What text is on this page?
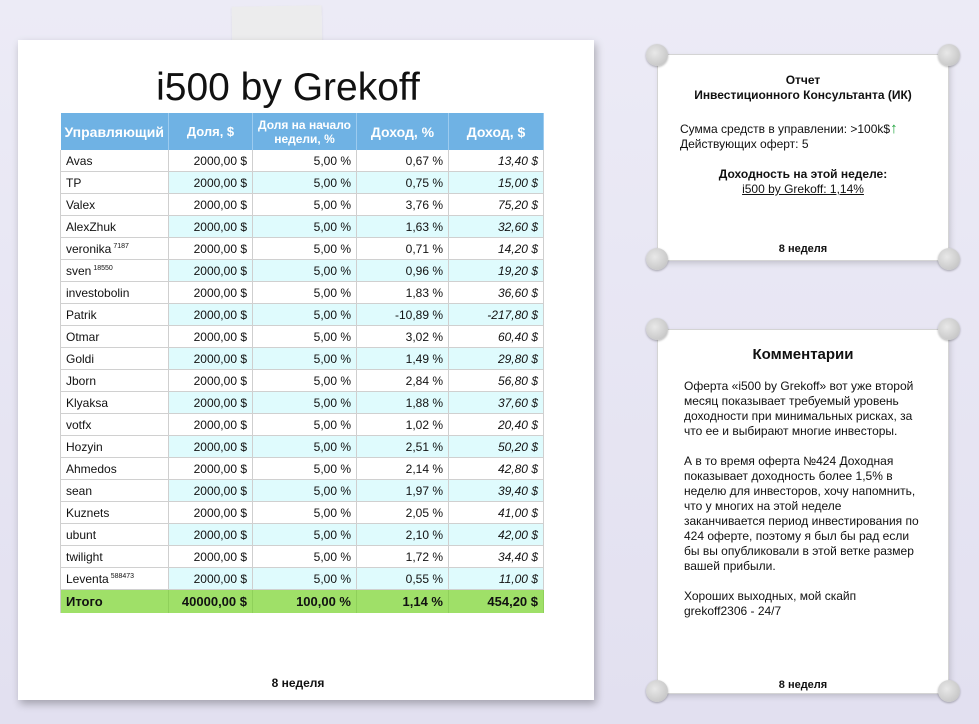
i500 by Grekoff
Управляющий	Доля, $	Доля на начало недели, %	Доход, %	Доход, $
Avas	2000,00 $	5,00 %	0,67 %	13,40 $
TP	2000,00 $	5,00 %	0,75 %	15,00 $
Valex	2000,00 $	5,00 %	3,76 %	75,20 $
AlexZhuk	2000,00 $	5,00 %	1,63 %	32,60 $
veronika $^{7187}$	2000,00 $	5,00 %	0,71 %	14,20 $
sven $^{18550}$	2000,00 $	5,00 %	0,96 %	19,20 $
investobolin	2000,00 $	5,00 %	1,83 %	36,60 $
Patrik	2000,00 $	5,00 %	-10,89 %	-217,80 $
Otmar	2000,00 $	5,00 %	3,02 %	60,40 $
Goldi	2000,00 $	5,00 %	1,49 %	29,80 $
Jborn	2000,00 $	5,00 %	2,84 %	56,80 $
Klyaksa	2000,00 $	5,00 %	1,88 %	37,60 $
votfx	2000,00 $	5,00 %	1,02 %	20,40 $
Hozyin	2000,00 $	5,00 %	2,51 %	50,20 $
Ahmedos	2000,00 $	5,00 %	2,14 %	42,80 $
sean	2000,00 $	5,00 %	1,97 %	39,40 $
Kuznets	2000,00 $	5,00 %	2,05 %	41,00 $
ubunt	2000,00 $	5,00 %	2,10 %	42,00 $
twilight	2000,00 $	5,00 %	1,72 %	34,40 $
Leventa $^{588473}$	2000,00 $	5,00 %	0,55 %	11,00 $
Итого	40000,00 $	100,00 %	1,14 %	454,20 $
8 неделя
Отчет
Инвестиционного Консультанта (ИК)
Сумма средств в управлении: >100k$↑
Действующих оферт: 5
Доходность на этой неделе:
i500 by Grekoff: 1,14%
8 неделя
Комментарии

Оферта «i500 by Grekoff» вот уже второй месяц показывает требуемый уровень доходности при минимальных рисках, за что ее и выбирают многие инвесторы.

А в то время оферта №424 Доходная показывает доходность более 1,5% в неделю для инвесторов, хочу напомнить, что у многих на этой неделе заканчивается период инвестирования по 424 оферте, поэтому я был бы рад если бы вы опубликовали в этой ветке размер вашей прибыли.

Хороших выходных, мой скайп grekoff2306 - 24/7

8 неделя
